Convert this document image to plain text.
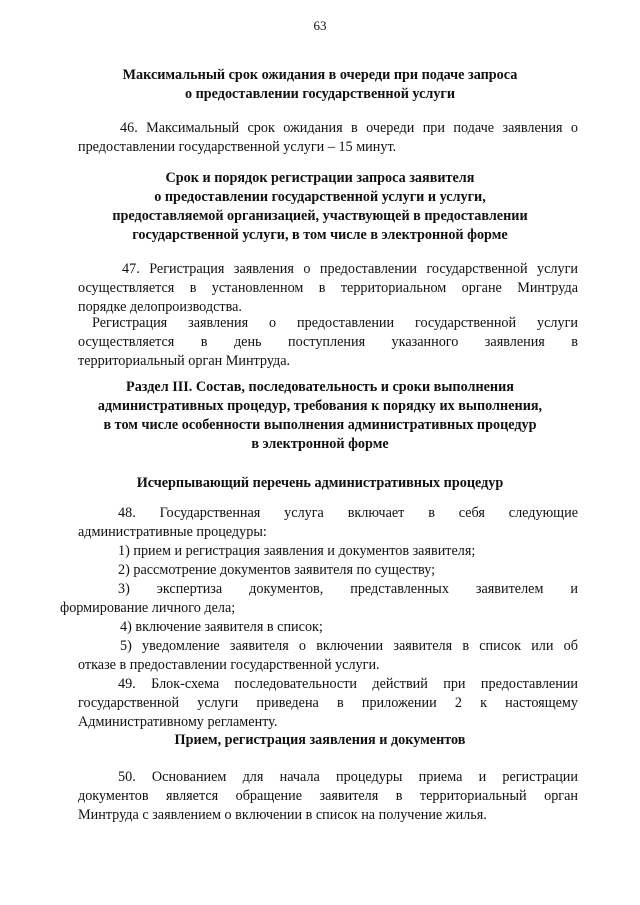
63
Максимальный срок ожидания в очереди при подаче запроса
о предоставлении государственной услуги
46. Максимальный срок ожидания в очереди при подаче заявления о
предоставлении государственной услуги – 15 минут.
Срок и порядок регистрации запроса заявителя
о предоставлении государственной услуги и услуги,
предоставляемой организацией, участвующей в предоставлении
государственной услуги, в том числе в электронной форме
47. Регистрация заявления о предоставлении государственной услуги
осуществляется в установленном в территориальном органе Минтруда
порядке делопроизводства.
Регистрация заявления о предоставлении государственной услуги
осуществляется в день поступления указанного заявления в
территориальный орган Минтруда.
Раздел III. Состав, последовательность и сроки выполнения
административных процедур, требования к порядку их выполнения,
в том числе особенности выполнения административных процедур
в электронной форме
Исчерпывающий перечень административных процедур
48. Государственная услуга включает в себя следующие
административные процедуры:
1) прием и регистрация заявления и документов заявителя;
2) рассмотрение документов заявителя по существу;
3) экспертиза документов, представленных заявителем и
формирование личного дела;
4) включение заявителя в список;
5) уведомление заявителя о включении заявителя в список или об
отказе в предоставлении государственной услуги.
49. Блок-схема последовательности действий при предоставлении
государственной услуги приведена в приложении 2 к настоящему
Административному регламенту.
Прием, регистрация заявления и документов
50. Основанием для начала процедуры приема и регистрации
документов является обращение заявителя в территориальный орган
Минтруда с заявлением о включении в список на получение жилья.
